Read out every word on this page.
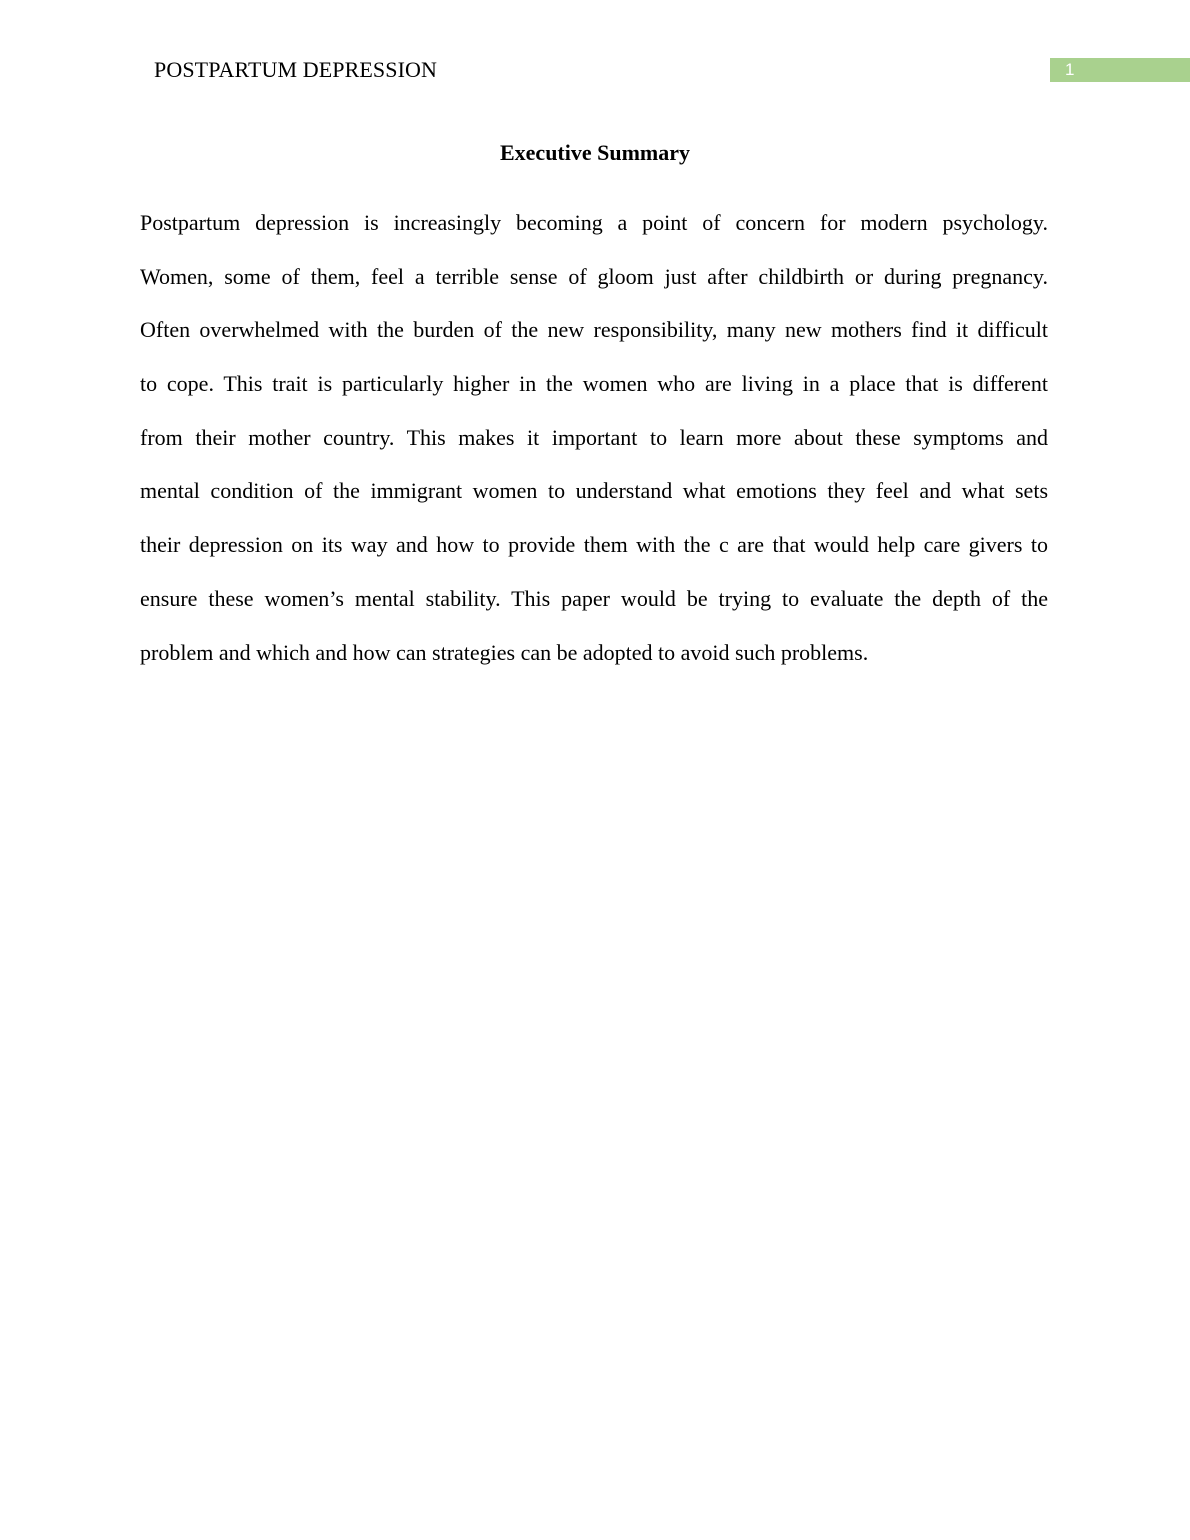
POSTPARTUM DEPRESSION	1
Executive Summary
Postpartum depression is increasingly becoming a point of concern for modern psychology.
Women, some of them, feel a terrible sense of gloom just after childbirth or during pregnancy.
Often overwhelmed with the burden of the new responsibility, many new mothers find it difficult
to cope. This trait is particularly higher in the women who are living in a place that is different
from their mother country. This makes it important to learn more about these symptoms and
mental condition of the immigrant women to understand what emotions they feel and what sets
their depression on its way and how to provide them with the c are that would help care givers to
ensure these women’s mental stability. This paper would be trying to evaluate the depth of the
problem and which and how can strategies can be adopted to avoid such problems.
